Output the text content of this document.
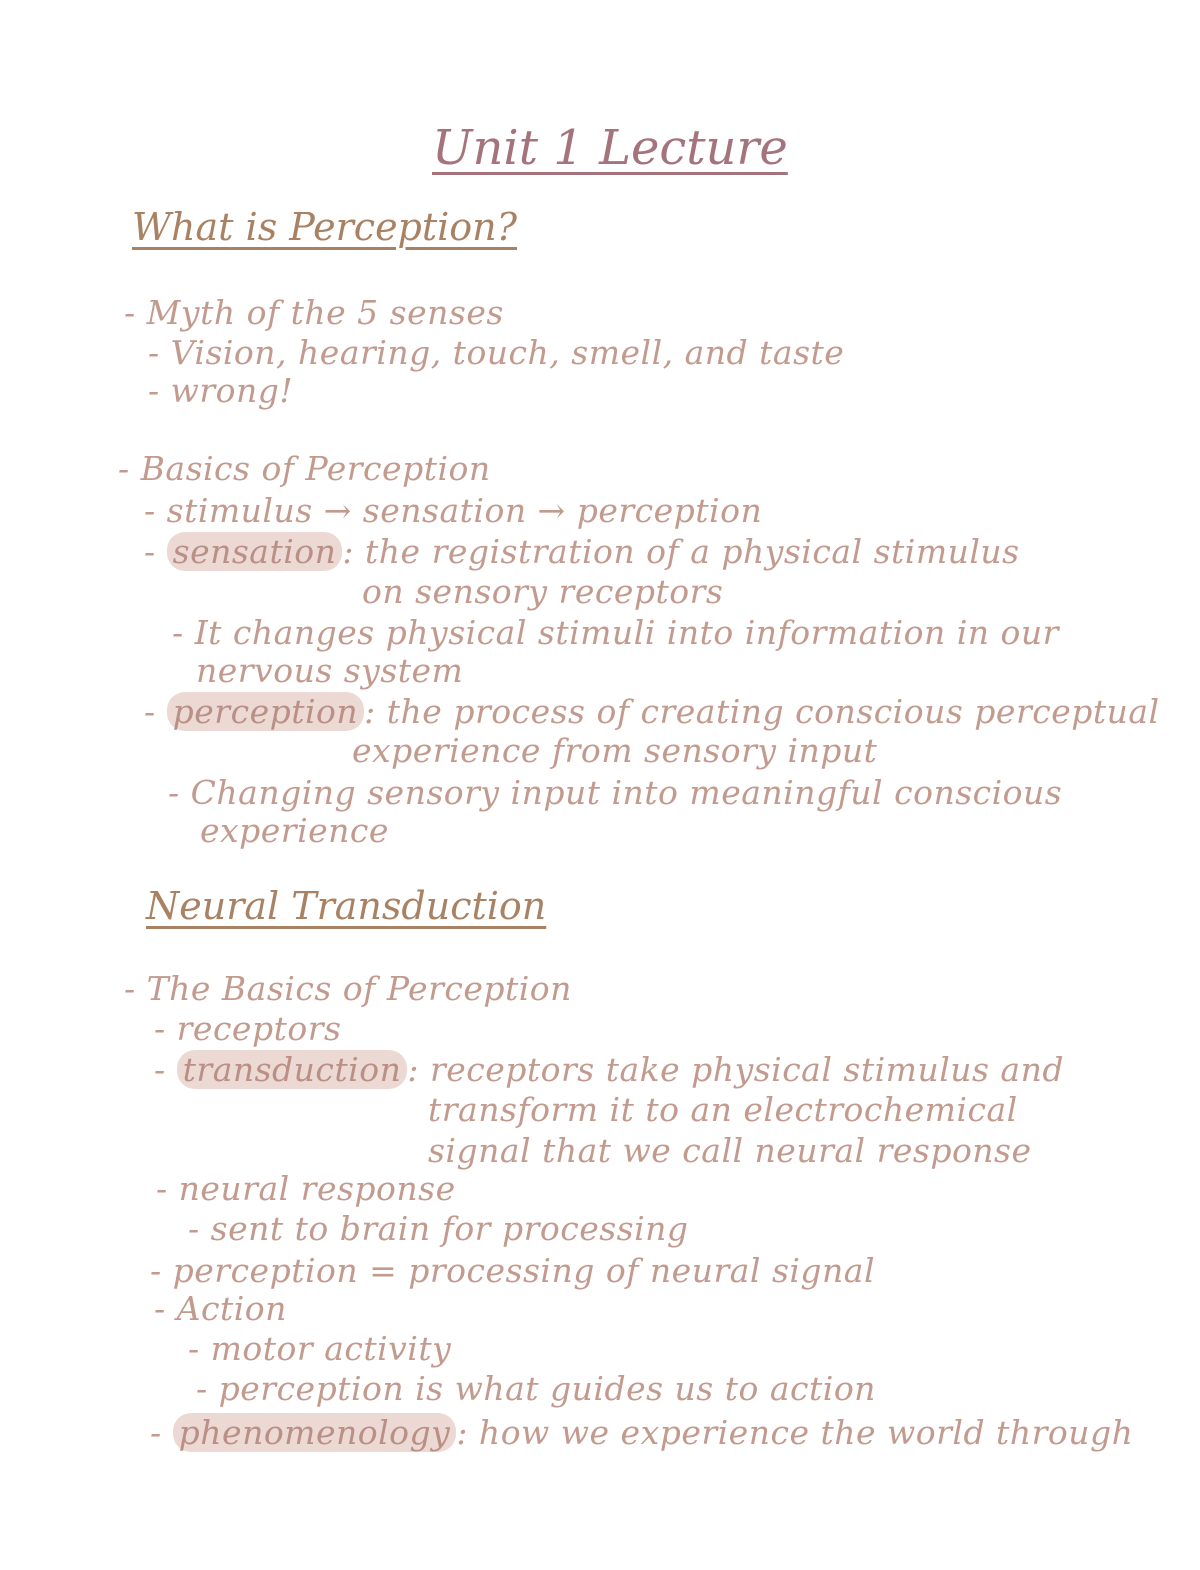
Unit 1 Lecture
What is Perception?
- Myth of the 5 senses
- Vision, hearing, touch, smell, and taste
- wrong!
- Basics of Perception
- stimulus → sensation → perception
- sensation : the registration of a physical stimulus
on sensory receptors
- It changes physical stimuli into information in our
nervous system
- perception : the process of creating conscious perceptual
experience from sensory input
- Changing sensory input into meaningful conscious
experience
Neural Transduction
- The Basics of Perception
- receptors
- transduction : receptors take physical stimulus and
transform it to an electrochemical
signal that we call neural response
- neural response
- sent to brain for processing
- perception = processing of neural signal
- Action
- motor activity
- perception is what guides us to action
- phenomenology : how we experience the world through
